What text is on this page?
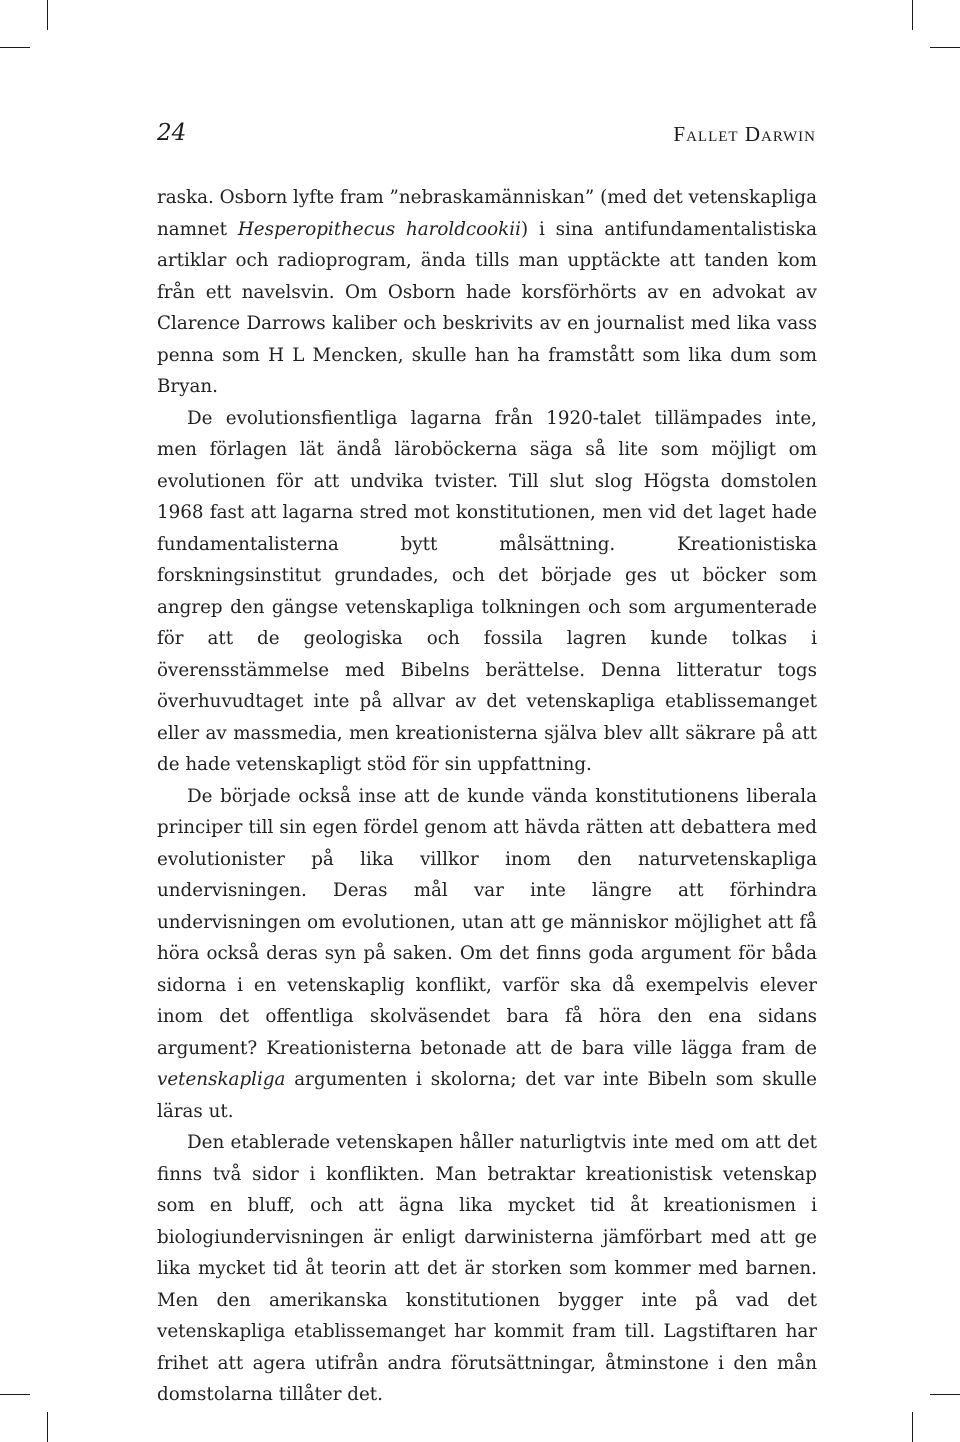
24	Fallet Darwin

raska. Osborn lyfte fram ”nebraskamänniskan” (med det vetenskapliga namnet Hesperopithecus haroldcookii) i sina antifundamentalistiska artiklar och radioprogram, ända tills man upptäckte att tanden kom från ett navelsvin. Om Osborn hade korsförhörts av en advokat av Clarence Darrows kaliber och beskrivits av en journalist med lika vass penna som H L Mencken, skulle han ha framstått som lika dum som Bryan.

De evolutionsfientliga lagarna från 1920-talet tillämpades inte, men förlagen lät ändå läroböckerna säga så lite som möjligt om evolutionen för att undvika tvister. Till slut slog Högsta domstolen 1968 fast att lagarna stred mot konstitutionen, men vid det laget hade fundamentalisterna bytt målsättning. Kreationistiska forskningsinstitut grundades, och det började ges ut böcker som angrep den gängse vetenskapliga tolkningen och som argumenterade för att de geologiska och fossila lagren kunde tolkas i överensstämmelse med Bibelns berättelse. Denna litteratur togs överhuvudtaget inte på allvar av det vetenskapliga etablissemanget eller av massmedia, men kreationisterna själva blev allt säkrare på att de hade vetenskapligt stöd för sin uppfattning.

De började också inse att de kunde vända konstitutionens liberala principer till sin egen fördel genom att hävda rätten att debattera med evolutionister på lika villkor inom den naturvetenskapliga undervisningen. Deras mål var inte längre att förhindra undervisningen om evolutionen, utan att ge människor möjlighet att få höra också deras syn på saken. Om det finns goda argument för båda sidorna i en vetenskaplig konflikt, varför ska då exempelvis elever inom det offentliga skolväsendet bara få höra den ena sidans argument? Kreationisterna betonade att de bara ville lägga fram de vetenskapliga argumenten i skolorna; det var inte Bibeln som skulle läras ut.

Den etablerade vetenskapen håller naturligtvis inte med om att det finns två sidor i konflikten. Man betraktar kreationistisk vetenskap som en bluff, och att ägna lika mycket tid åt kreationismen i biologiundervisningen är enligt darwinisterna jämförbart med att ge lika mycket tid åt teorin att det är storken som kommer med barnen. Men den amerikanska konstitutionen bygger inte på vad det vetenskapliga etablissemanget har kommit fram till. Lagstiftaren har frihet att agera utifrån andra förutsättningar, åtminstone i den mån domstolarna tillåter det.
